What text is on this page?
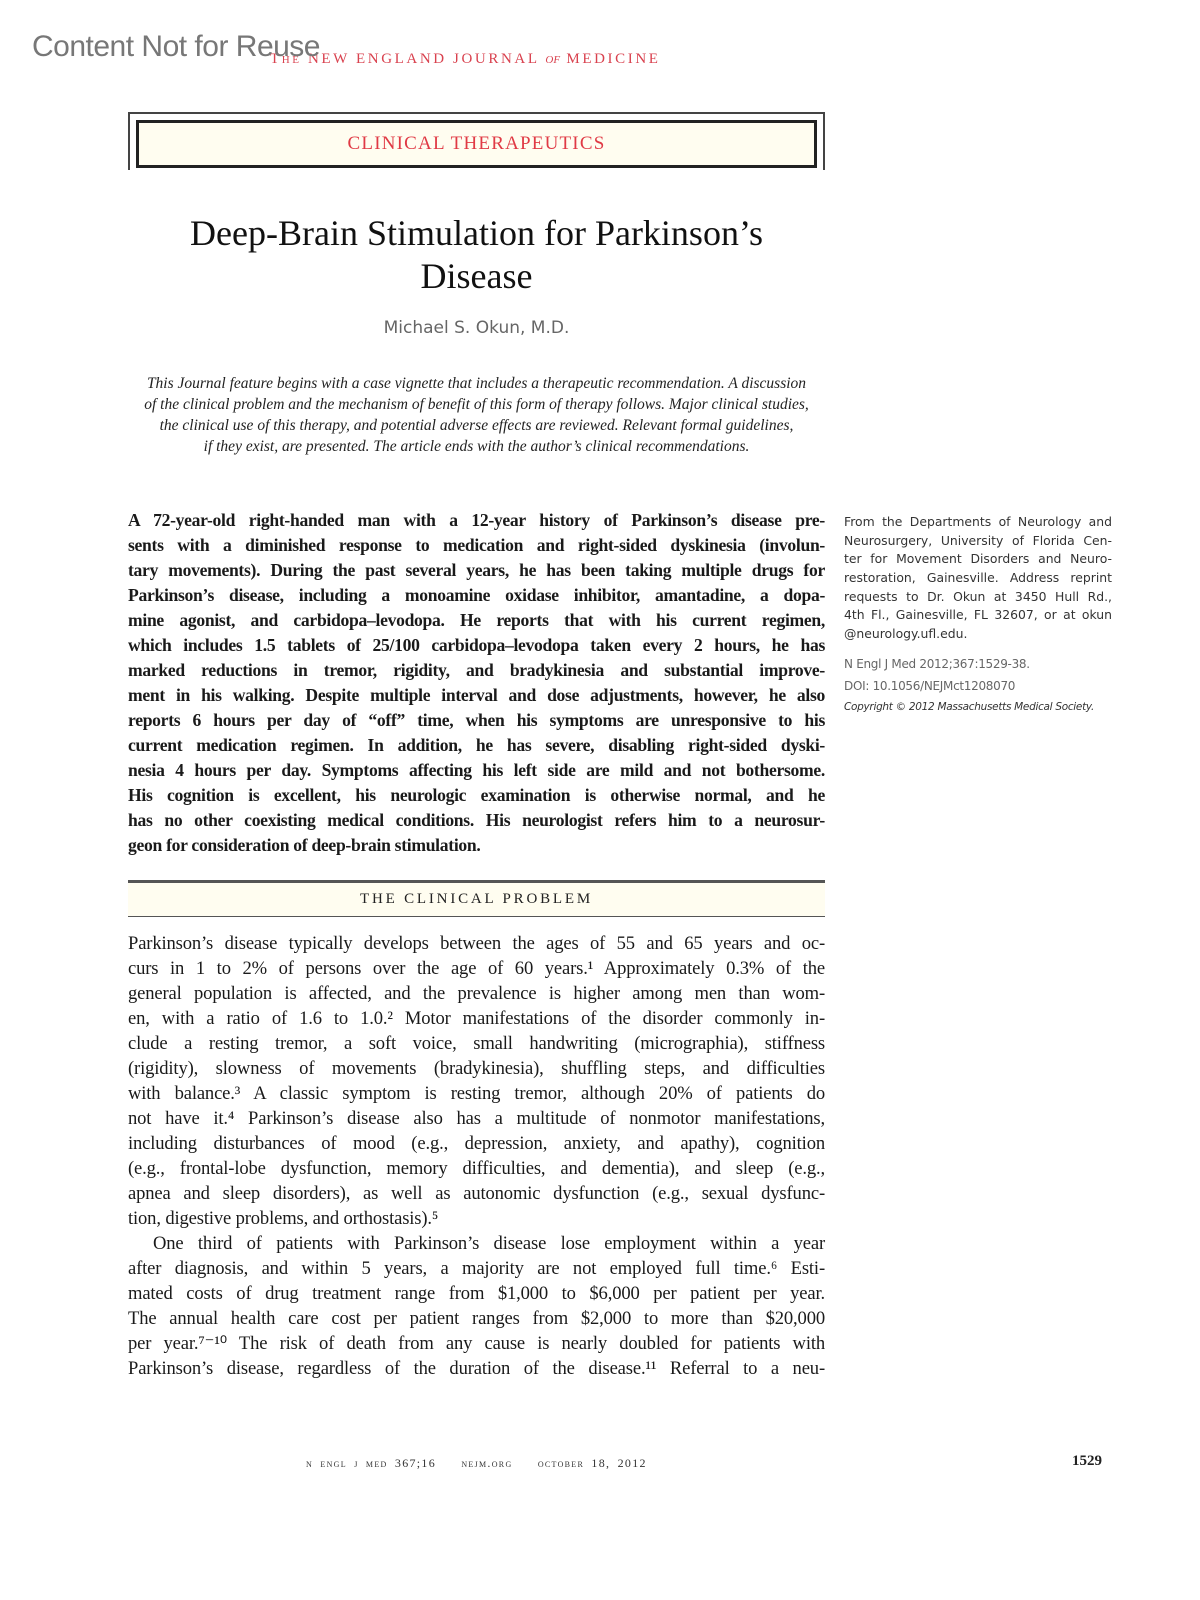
Content Not for Reuse
The NEW ENGLAND JOURNAL of MEDICINE
CLINICAL THERAPEUTICS
Deep-Brain Stimulation for Parkinson’s
Disease
Michael S. Okun, M.D.
This Journal feature begins with a case vignette that includes a therapeutic recommendation. A discussion
of the clinical problem and the mechanism of benefit of this form of therapy follows. Major clinical studies,
the clinical use of this therapy, and potential adverse effects are reviewed. Relevant formal guidelines,
if they exist, are presented. The article ends with the author’s clinical recommendations.
A 72-year-old right-handed man with a 12-year history of Parkinson’s disease pre-
sents with a diminished response to medication and right-sided dyskinesia (involun-
tary movements). During the past several years, he has been taking multiple drugs for
Parkinson’s disease, including a monoamine oxidase inhibitor, amantadine, a dopa-
mine agonist, and carbidopa–levodopa. He reports that with his current regimen,
which includes 1.5 tablets of 25/100 carbidopa–levodopa taken every 2 hours, he has
marked reductions in tremor, rigidity, and bradykinesia and substantial improve-
ment in his walking. Despite multiple interval and dose adjustments, however, he also
reports 6 hours per day of “off” time, when his symptoms are unresponsive to his
current medication regimen. In addition, he has severe, disabling right-sided dyski-
nesia 4 hours per day. Symptoms affecting his left side are mild and not bothersome.
His cognition is excellent, his neurologic examination is otherwise normal, and he
has no other coexisting medical conditions. His neurologist refers him to a neurosur-
geon for consideration of deep-brain stimulation.
From the Departments of Neurology and
Neurosurgery, University of Florida Cen-
ter for Movement Disorders and Neuro-
restoration, Gainesville. Address reprint
requests to Dr. Okun at 3450 Hull Rd.,
4th Fl., Gainesville, FL 32607, or at okun
@neurology.ufl.edu.
N Engl J Med 2012;367:1529-38.
DOI: 10.1056/NEJMct1208070
Copyright © 2012 Massachusetts Medical Society.
THE CLINICAL PROBLEM
Parkinson’s disease typically develops between the ages of 55 and 65 years and oc-
curs in 1 to 2% of persons over the age of 60 years.¹ Approximately 0.3% of the
general population is affected, and the prevalence is higher among men than wom-
en, with a ratio of 1.6 to 1.0.² Motor manifestations of the disorder commonly in-
clude a resting tremor, a soft voice, small handwriting (micrographia), stiffness
(rigidity), slowness of movements (bradykinesia), shuffling steps, and difficulties
with balance.³ A classic symptom is resting tremor, although 20% of patients do
not have it.⁴ Parkinson’s disease also has a multitude of nonmotor manifestations,
including disturbances of mood (e.g., depression, anxiety, and apathy), cognition
(e.g., frontal-lobe dysfunction, memory difficulties, and dementia), and sleep (e.g.,
apnea and sleep disorders), as well as autonomic dysfunction (e.g., sexual dysfunc-
tion, digestive problems, and orthostasis).⁵
One third of patients with Parkinson’s disease lose employment within a year
after diagnosis, and within 5 years, a majority are not employed full time.⁶ Esti-
mated costs of drug treatment range from $1,000 to $6,000 per patient per year.
The annual health care cost per patient ranges from $2,000 to more than $20,000
per year.⁷⁻¹⁰ The risk of death from any cause is nearly doubled for patients with
Parkinson’s disease, regardless of the duration of the disease.¹¹ Referral to a neu-
n engl j med 367;16 nejm.org october 18, 2012	1529
